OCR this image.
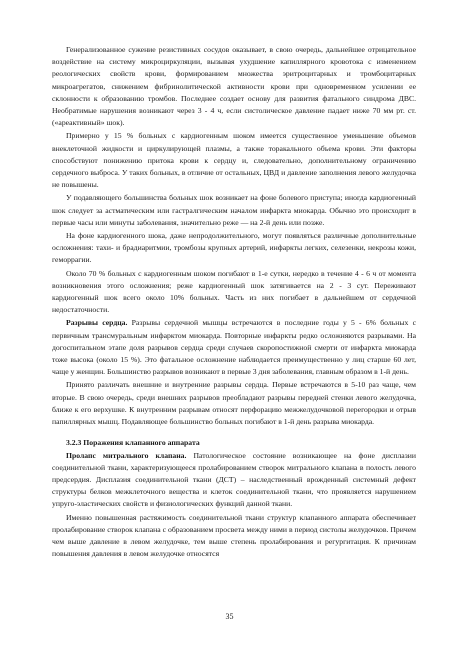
Генерализованное сужение резистивных сосудов оказывает, в свою очередь, дальнейшее отрицательное воздействие на систему микроциркуляции, вызывая ухудшение капиллярного кровотока с изменением реологических свойств крови, формированием множества эритроцитарных и тромбоцитарных микроагрегатов, снижением фибринолитической активности крови при одновременном усилении ее склонности к образованию тромбов. Последнее создает основу для развития фатального синдрома ДВС. Необратимые нарушения возникают через 3 - 4 ч, если систолическое давление падает ниже 70 мм рт. ст. («ареактивный» шок).

Примерно у 15 % больных с кардиогенным шоком имеется существенное уменьшение объемов внеклеточной жидкости и циркулирующей плазмы, а также торакального объема крови. Эти факторы способствуют понижению притока крови к сердцу и, следовательно, дополнительному ограничению сердечного выброса. У таких больных, в отличие от остальных, ЦВД и давление заполнения левого желудочка не повышены.

У подавляющего большинства больных шок возникает на фоне болевого приступа; иногда кардиогенный шок следует за астматическим или гастралгическим началом инфаркта миокарда. Обычно это происходит в первые часы или минуты заболевания, значительно реже — на 2-й день или позже.

На фоне кардиогенного шока, даже непродолжительного, могут появляться различные дополнительные осложнения: тахи- и брадиаритмии, тромбозы крупных артерий, инфаркты легких, селезенки, некрозы кожи, геморрагии.

Около 70 % больных с кардиогенным шоком погибают в 1-е сутки, нередко в течение 4 - 6 ч от момента возникновения этого осложнения; реже кардиогенный шок затягивается на 2 - 3 сут. Переживают кардиогенный шок всего около 10% больных. Часть из них погибает в дальнейшем от сердечной недостаточности.

Разрывы сердца. Разрывы сердечной мышцы встречаются в последние годы у 5 - 6% больных с первичным трансмуральным инфарктом миокарда. Повторные инфаркты редко осложняются разрывами. На догоспитальном этапе доля разрывов сердца среди случаев скоропостижной смерти от инфаркта миокарда тоже высока (около 15 %). Это фатальное осложнение наблюдается преимущественно у лиц старше 60 лет, чаще у женщин. Большинство разрывов возникают в первые 3 дня заболевания, главным образом в 1-й день.

Принято различать внешние и внутренние разрывы сердца. Первые встречаются в 5-10 раз чаще, чем вторые. В свою очередь, среди внешних разрывов преобладают разрывы передней стенки левого желудочка, ближе к его верхушке. К внутренним разрывам относят перфорацию межжелудочковой перегородки и отрыв папиллярных мышц. Подавляющее большинство больных погибают в 1-й день разрыва миокарда.

3.2.3 Поражения клапанного аппарата

Пролапс митрального клапана. Патологическое состояние возникающее на фоне дисплазии соединительной ткани, характеризующееся пролабированием створок митрального клапана в полость левого предсердия. Дисплазия соединительной ткани (ДСТ) – наследственный врожденный системный дефект структуры белков межклеточного вещества и клеток соединительной ткани, что проявляется нарушением упруго-эластических свойств и физиологических функций данной ткани.

Именно повышенная растяжимость соединительной ткани структур клапанного аппарата обеспечивает пролабирование створок клапана с образованием просвета между ними в период систолы желудочков. Причем чем выше давление в левом желудочке, тем выше степень пролабирования и регургитация. К причинам повышения давления в левом желудочке относятся

35
